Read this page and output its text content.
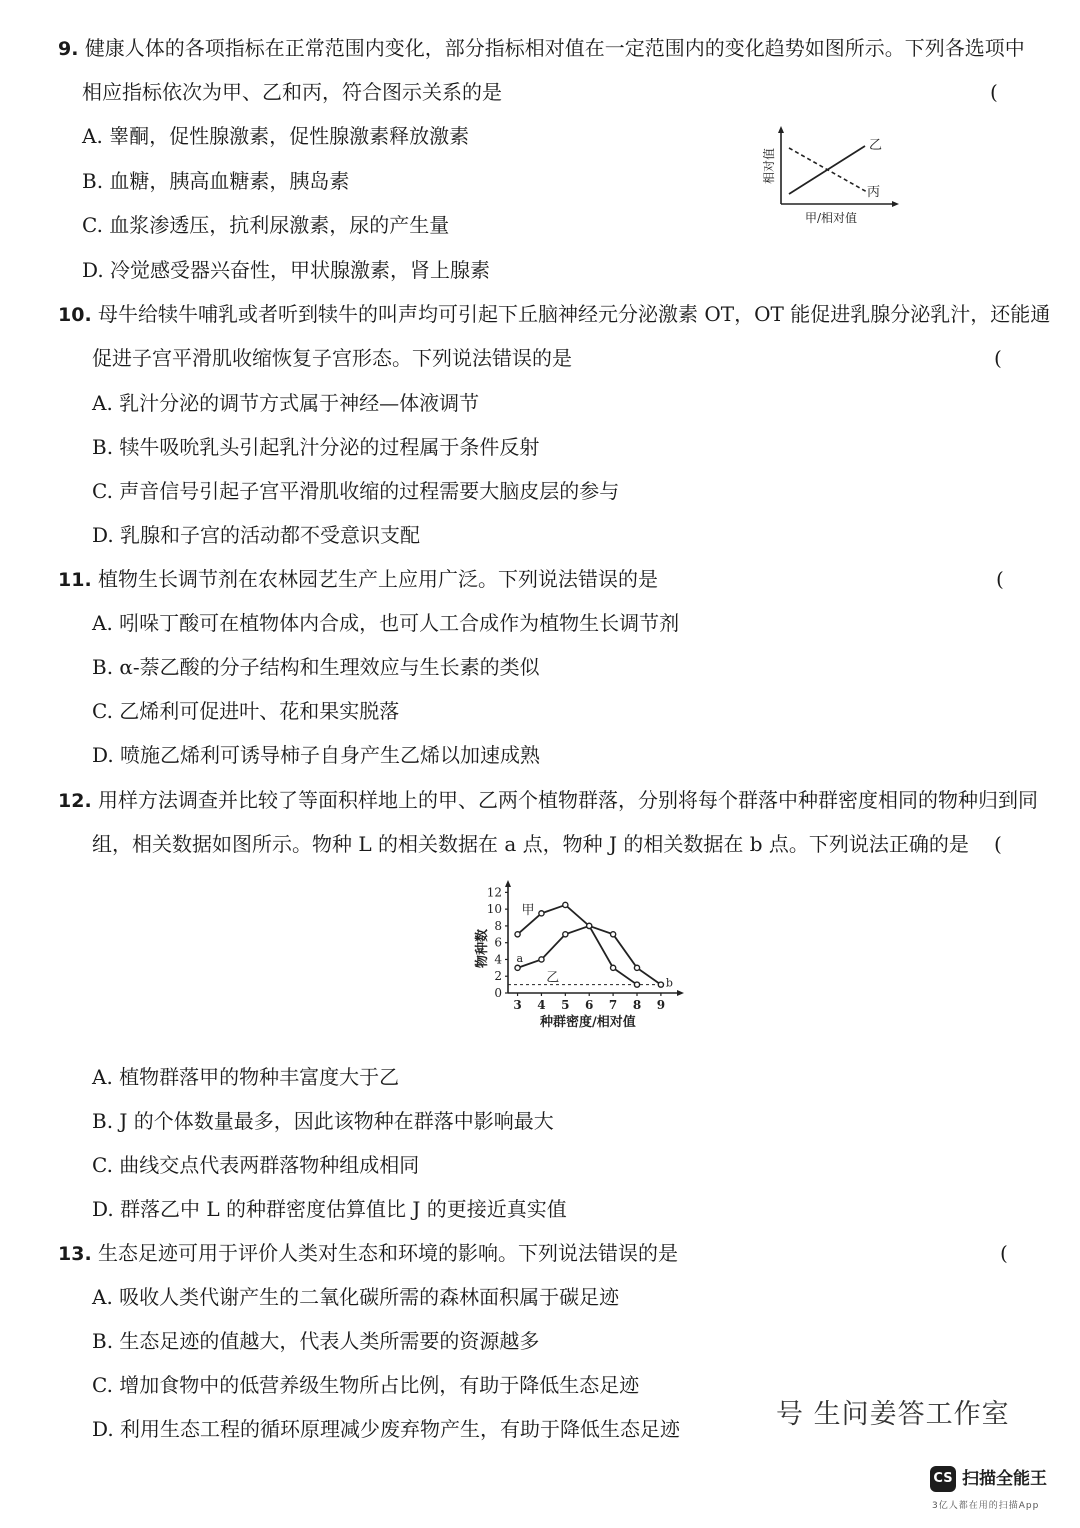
9. 健康人体的各项指标在正常范围内变化，部分指标相对值在一定范围内的变化趋势如图所示。下列各选项中
相应指标依次为甲、乙和丙，符合图示关系的是	(
A. 睾酮，促性腺激素，促性腺激素释放激素
B. 血糖，胰高血糖素，胰岛素
C. 血浆渗透压，抗利尿激素，尿的产生量
D. 冷觉感受器兴奋性，甲状腺激素，肾上腺素
乙
丙
相对值
甲/相对值
10. 母牛给犊牛哺乳或者听到犊牛的叫声均可引起下丘脑神经元分泌激素 OT，OT 能促进乳腺分泌乳汁，还能通
促进子宫平滑肌收缩恢复子宫形态。下列说法错误的是	(
A. 乳汁分泌的调节方式属于神经—体液调节
B. 犊牛吸吮乳头引起乳汁分泌的过程属于条件反射
C. 声音信号引起子宫平滑肌收缩的过程需要大脑皮层的参与
D. 乳腺和子宫的活动都不受意识支配
11. 植物生长调节剂在农林园艺生产上应用广泛。下列说法错误的是	(
A. 吲哚丁酸可在植物体内合成，也可人工合成作为植物生长调节剂
B. α-萘乙酸的分子结构和生理效应与生长素的类似
C. 乙烯利可促进叶、花和果实脱落
D. 喷施乙烯利可诱导柿子自身产生乙烯以加速成熟
12. 用样方法调查并比较了等面积样地上的甲、乙两个植物群落，分别将每个群落中种群密度相同的物种归到同
组，相关数据如图所示。物种 L 的相关数据在 a 点，物种 J 的相关数据在 b 点。下列说法正确的是 (
物种数
种群密度/相对值
0
2
4
6
8
10
12
3 4 5 6 7 8 9
甲
乙
a
b
A. 植物群落甲的物种丰富度大于乙
B. J 的个体数量最多，因此该物种在群落中影响最大
C. 曲线交点代表两群落物种组成相同
D. 群落乙中 L 的种群密度估算值比 J 的更接近真实值
13. 生态足迹可用于评价人类对生态和环境的影响。下列说法错误的是	(
A. 吸收人类代谢产生的二氧化碳所需的森林面积属于碳足迹
B. 生态足迹的值越大，代表人类所需要的资源越多
C. 增加食物中的低营养级生物所占比例，有助于降低生态足迹
D. 利用生态工程的循环原理减少废弃物产生，有助于降低生态足迹	号 生问姜答工作室
CS 扫描全能王
3亿人都在用的扫描App
